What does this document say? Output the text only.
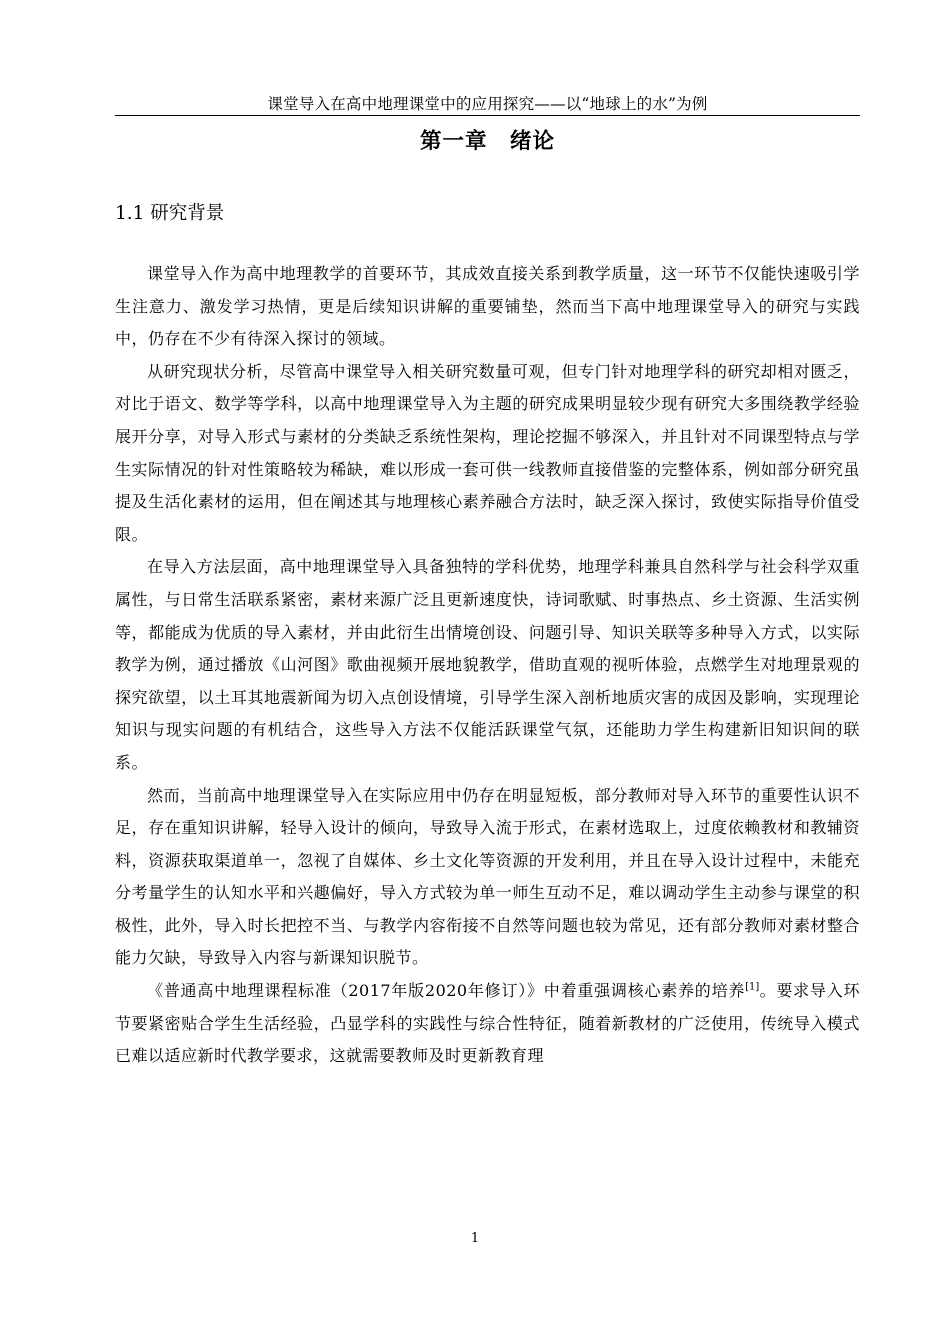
课堂导入在高中地理课堂中的应用探究——以“地球上的水”为例
第一章　绪论
1.1 研究背景

课堂导入作为高中地理教学的首要环节，其成效直接关系到教学质量，这一环节不仅能快速吸引学生注意力、激发学习热情，更是后续知识讲解的重要铺垫，然而当下高中地理课堂导入的研究与实践中，仍存在不少有待深入探讨的领域。

从研究现状分析，尽管高中课堂导入相关研究数量可观，但专门针对地理学科的研究却相对匮乏，对比于语文、数学等学科，以高中地理课堂导入为主题的研究成果明显较少现有研究大多围绕教学经验展开分享，对导入形式与素材的分类缺乏系统性架构，理论挖掘不够深入，并且针对不同课型特点与学生实际情况的针对性策略较为稀缺，难以形成一套可供一线教师直接借鉴的完整体系，例如部分研究虽提及生活化素材的运用，但在阐述其与地理核心素养融合方法时，缺乏深入探讨，致使实际指导价值受限。

在导入方法层面，高中地理课堂导入具备独特的学科优势，地理学科兼具自然科学与社会科学双重属性，与日常生活联系紧密，素材来源广泛且更新速度快，诗词歌赋、时事热点、乡土资源、生活实例等，都能成为优质的导入素材，并由此衍生出情境创设、问题引导、知识关联等多种导入方式，以实际教学为例，通过播放《山河图》歌曲视频开展地貌教学，借助直观的视听体验，点燃学生对地理景观的探究欲望，以土耳其地震新闻为切入点创设情境，引导学生深入剖析地质灾害的成因及影响，实现理论知识与现实问题的有机结合，这些导入方法不仅能活跃课堂气氛，还能助力学生构建新旧知识间的联系。

然而，当前高中地理课堂导入在实际应用中仍存在明显短板，部分教师对导入环节的重要性认识不足，存在重知识讲解，轻导入设计的倾向，导致导入流于形式，在素材选取上，过度依赖教材和教辅资料，资源获取渠道单一，忽视了自媒体、乡土文化等资源的开发利用，并且在导入设计过程中，未能充分考量学生的认知水平和兴趣偏好，导入方式较为单一师生互动不足，难以调动学生主动参与课堂的积极性，此外，导入时长把控不当、与教学内容衔接不自然等问题也较为常见，还有部分教师对素材整合能力欠缺，导致导入内容与新课知识脱节。

《普通高中地理课程标准（2017年版2020年修订）》中着重强调核心素养的培养[1]。要求导入环节要紧密贴合学生生活经验，凸显学科的实践性与综合性特征，随着新教材的广泛使用，传统导入模式已难以适应新时代教学要求，这就需要教师及时更新教育理

1
